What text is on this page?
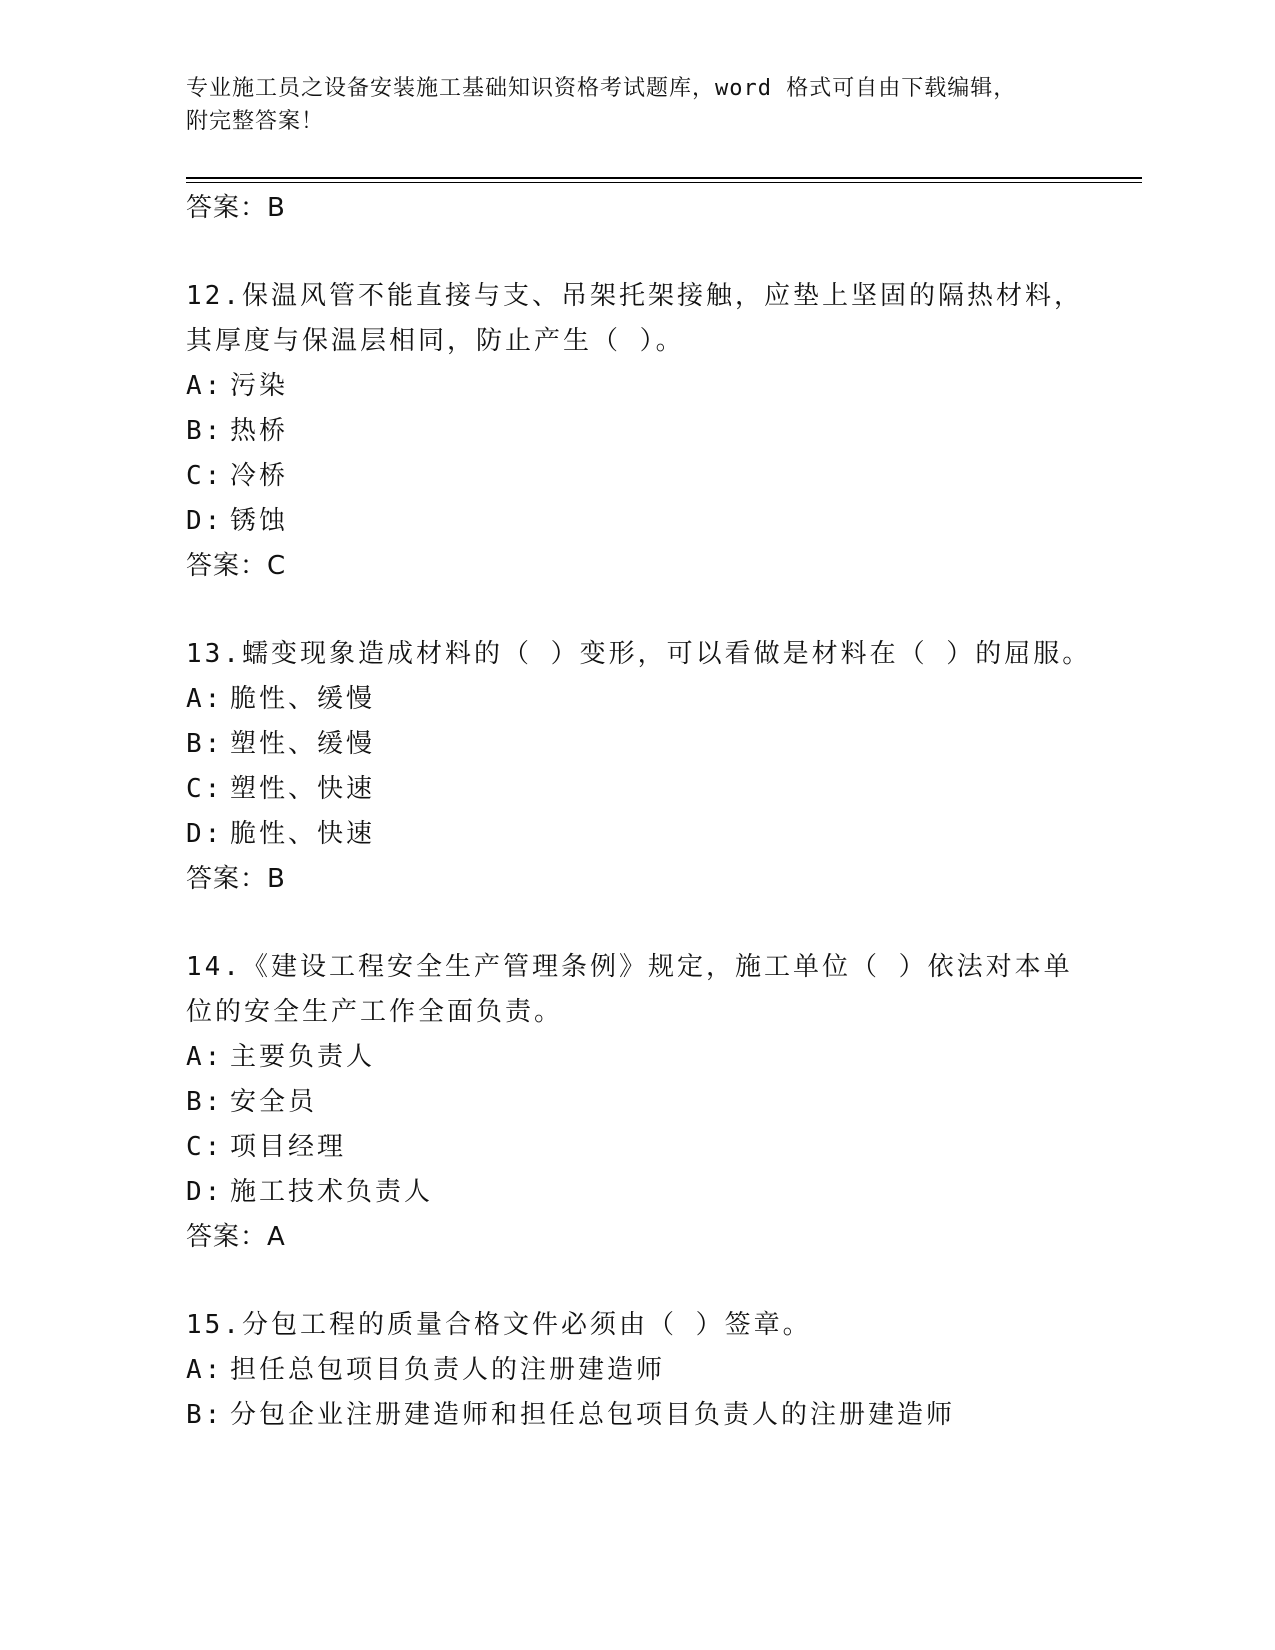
专业施工员之设备安装施工基础知识资格考试题库，word 格式可自由下载编辑，
附完整答案！
答案：B
12.保温风管不能直接与支、吊架托架接触，应垫上坚固的隔热材料，
其厚度与保温层相同，防止产生（ ）。
A: 污染
B: 热桥
C: 冷桥
D: 锈蚀
答案：C
13.蠕变现象造成材料的（ ）变形，可以看做是材料在（ ）的屈服。
A: 脆性、缓慢
B: 塑性、缓慢
C: 塑性、快速
D: 脆性、快速
答案：B
14.《建设工程安全生产管理条例》规定，施工单位（ ）依法对本单
位的安全生产工作全面负责。
A: 主要负责人
B: 安全员
C: 项目经理
D: 施工技术负责人
答案：A
15.分包工程的质量合格文件必须由（ ）签章。
A: 担任总包项目负责人的注册建造师
B: 分包企业注册建造师和担任总包项目负责人的注册建造师
